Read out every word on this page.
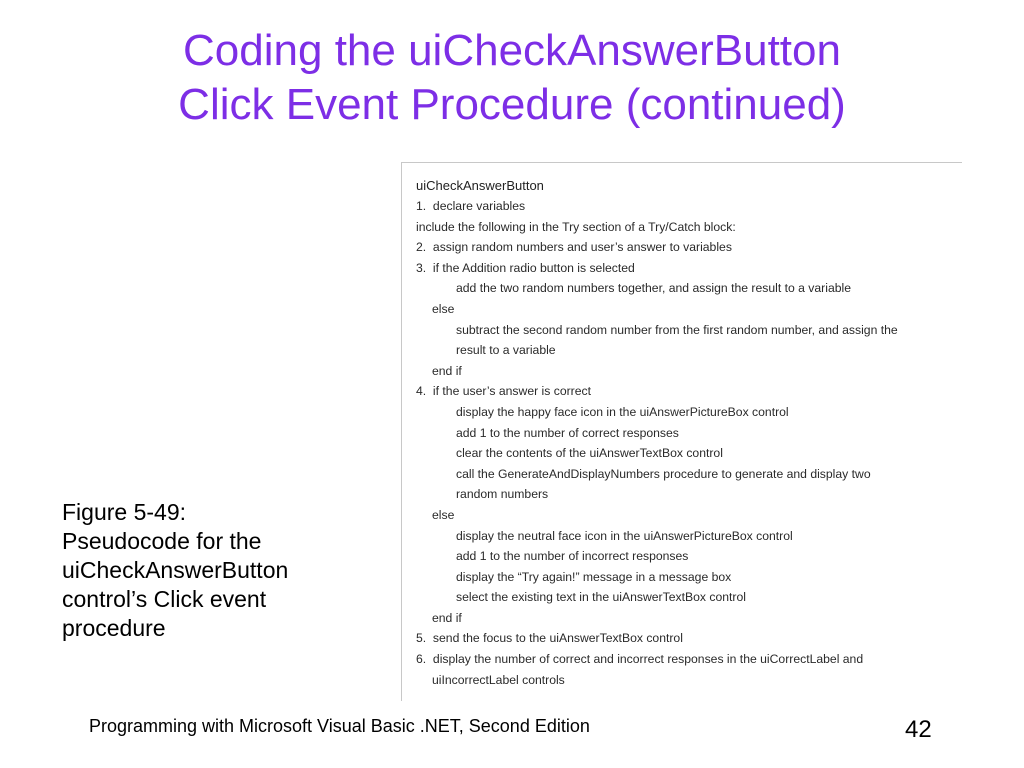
Coding the uiCheckAnswerButton
Click Event Procedure (continued)
uiCheckAnswerButton
1.  declare variables
include the following in the Try section of a Try/Catch block:
2.  assign random numbers and user’s answer to variables
3.  if the Addition radio button is selected
add the two random numbers together, and assign the result to a variable
else
subtract the second random number from the first random number, and assign the
result to a variable
end if
4.  if the user’s answer is correct
display the happy face icon in the uiAnswerPictureBox control
add 1 to the number of correct responses
clear the contents of the uiAnswerTextBox control
call the GenerateAndDisplayNumbers procedure to generate and display two
random numbers
else
display the neutral face icon in the uiAnswerPictureBox control
add 1 to the number of incorrect responses
display the “Try again!” message in a message box
select the existing text in the uiAnswerTextBox control
end if
5.  send the focus to the uiAnswerTextBox control
6.  display the number of correct and incorrect responses in the uiCorrectLabel and
uiIncorrectLabel controls
Figure 5-49:
Pseudocode for the
uiCheckAnswerButton
control’s Click event
procedure
Programming with Microsoft Visual Basic .NET, Second Edition	42
